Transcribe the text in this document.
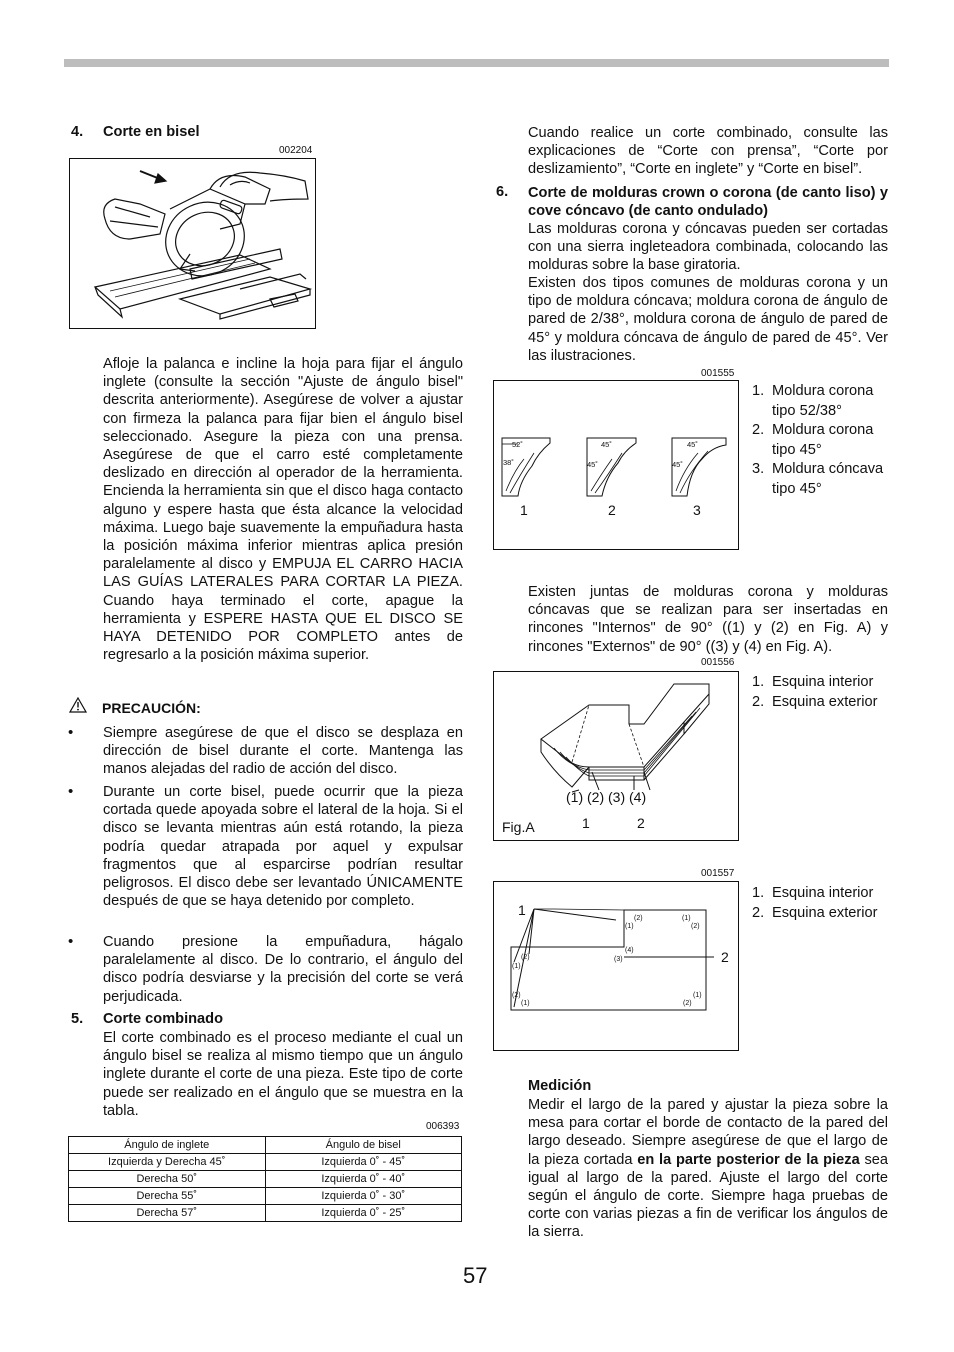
4. Corte en bisel
002204
Afloje la palanca e incline la hoja para fijar el ángulo inglete (consulte la sección "Ajuste de ángulo bisel" descrita anteriormente). Asegúrese de volver a ajustar con firmeza la palanca para fijar bien el ángulo bisel seleccionado. Asegure la pieza con una prensa. Asegúrese de que el carro esté completamente deslizado en dirección al operador de la herramienta. Encienda la herramienta sin que el disco haga contacto alguno y espere hasta que ésta alcance la velocidad máxima. Luego baje suavemente la empuñadura hasta la posición máxima inferior mientras aplica presión paralelamente al disco y EMPUJA EL CARRO HACIA LAS GUÍAS LATERALES PARA CORTAR LA PIEZA. Cuando haya terminado el corte, apague la herramienta y ESPERE HASTA QUE EL DISCO SE HAYA DETENIDO POR COMPLETO antes de regresarlo a la posición máxima superior.
PRECAUCIÓN:
• Siempre asegúrese de que el disco se desplaza en dirección de bisel durante el corte. Mantenga las manos alejadas del radio de acción del disco.
• Durante un corte bisel, puede ocurrir que la pieza cortada quede apoyada sobre el lateral de la hoja. Si el disco se levanta mientras aún está rotando, la pieza podría quedar atrapada por aquel y expulsar fragmentos que al esparcirse podrían resultar peligrosos. El disco debe ser levantado ÚNICAMENTE después de que se haya detenido por completo.
• Cuando presione la empuñadura, hágalo paralelamente al disco. De lo contrario, el ángulo del disco podría desviarse y la precisión del corte se verá perjudicada.
5. Corte combinado
El corte combinado es el proceso mediante el cual un ángulo bisel se realiza al mismo tiempo que un ángulo inglete durante el corte de una pieza. Este tipo de corte puede ser realizado en el ángulo que se muestra en la tabla.
006393
Ángulo de inglete	Ángulo de bisel
Izquierda y Derecha 45˚	Izquierda 0˚ - 45˚
Derecha 50˚	Izquierda 0˚ - 40˚
Derecha 55˚	Izquierda 0˚ - 30˚
Derecha 57˚	Izquierda 0˚ - 25˚
Cuando realice un corte combinado, consulte las explicaciones de “Corte con prensa”, “Corte por deslizamiento”, “Corte en inglete” y “Corte en bisel”.
6. Corte de molduras crown o corona (de canto liso) y cove cóncavo (de canto ondulado)
Las molduras corona y cóncavas pueden ser cortadas con una sierra ingleteadora combinada, colocando las molduras sobre la base giratoria.
Existen dos tipos comunes de molduras corona y un tipo de moldura cóncava; moldura corona de ángulo de pared de 2/38°, moldura corona de ángulo de pared de 45° y moldura cóncava de ángulo de pared de 45°. Ver las ilustraciones.
001555
52˚
38˚
45˚
45˚
45˚
45˚
1	2	3
1. Moldura corona tipo 52/38°
2. Moldura corona tipo 45°
3. Moldura cóncava tipo 45°
Existen juntas de molduras corona y molduras cóncavas que se realizan para ser insertadas en rincones "Internos" de 90° ((1) y (2) en Fig. A) y rincones "Externos" de 90° ((3) y (4) en Fig. A).
001556
(1) (2) (3) (4)
Fig.A	1	2
1. Esquina interior
2. Esquina exterior
001557
1
2
(2)
(1)
(1)
(2)
(4)
(3)
(2)
(1)
(2)
(1)
(1)
(2)
1. Esquina interior
2. Esquina exterior
Medición
Medir el largo de la pared y ajustar la pieza sobre la mesa para cortar el borde de contacto de la pared del largo deseado. Siempre asegúrese de que el largo de la pieza cortada en la parte posterior de la pieza sea igual al largo de la pared. Ajuste el largo del corte según el ángulo de corte. Siempre haga pruebas de corte con varias piezas a fin de verificar los ángulos de la sierra.
57
